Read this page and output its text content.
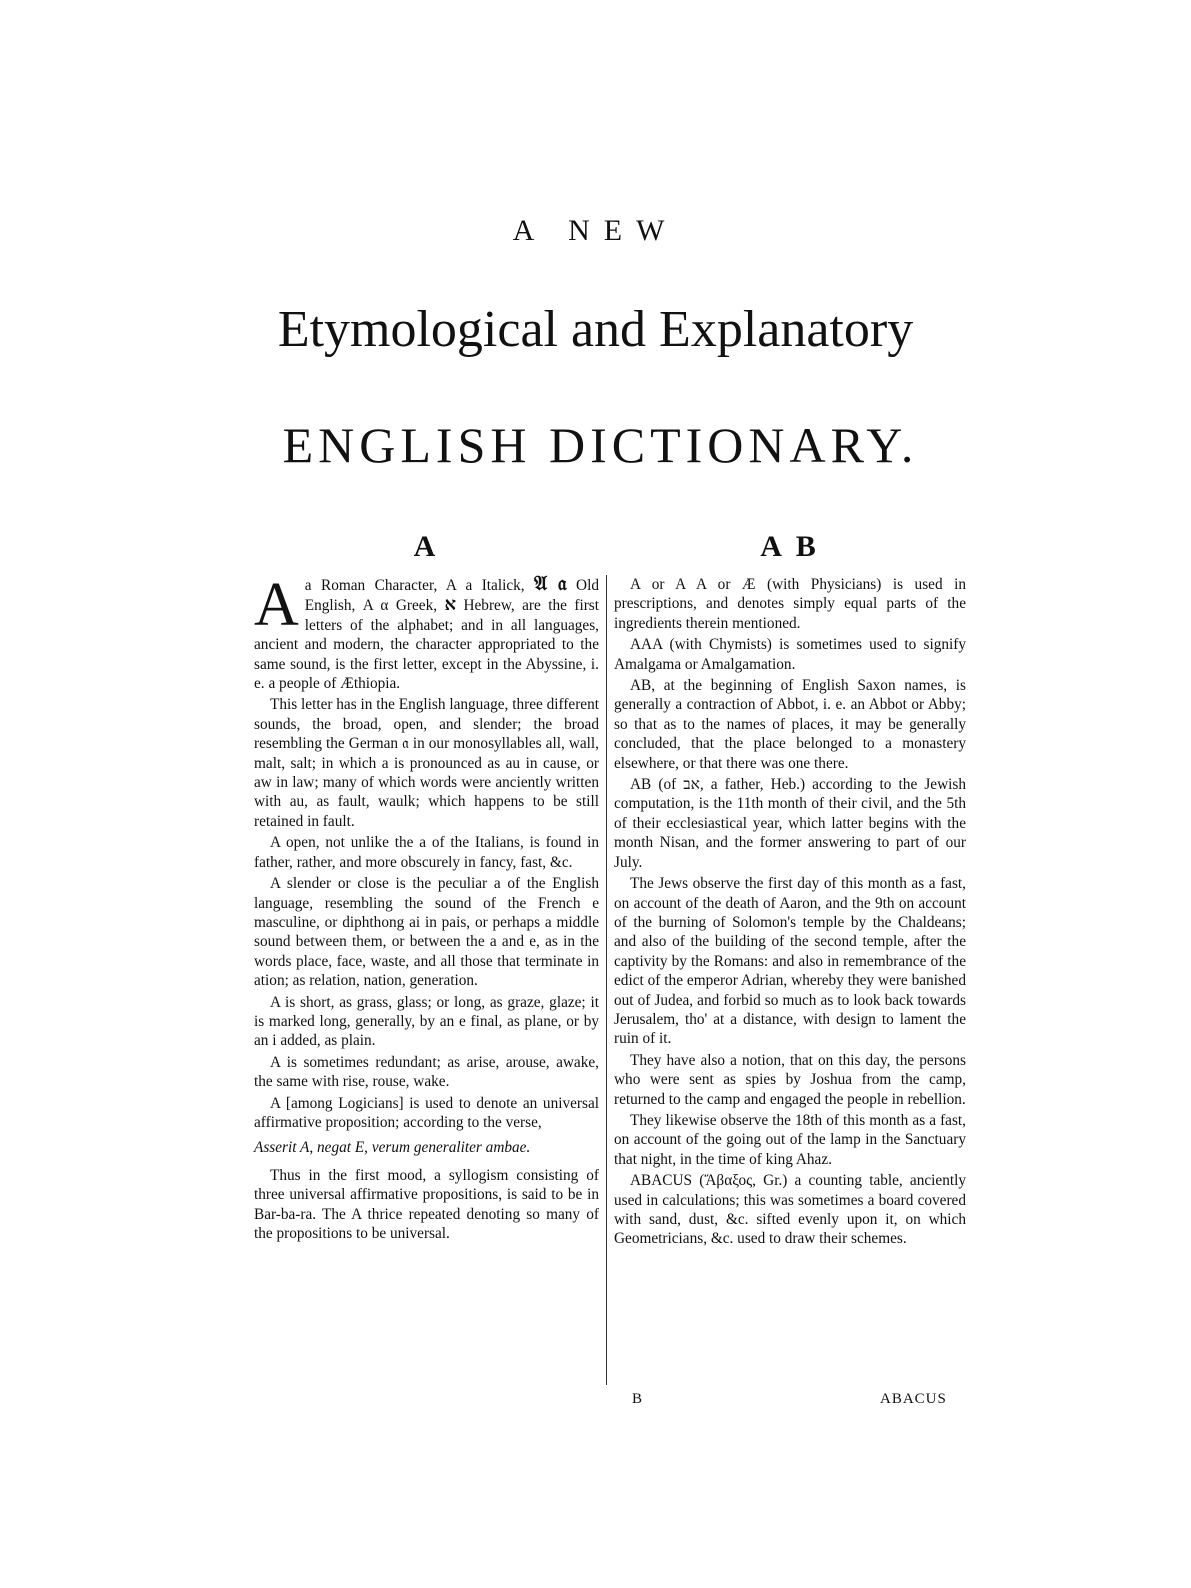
A NEW
Etymological and Explanatory
ENGLISH DICTIONARY.
A	A B
A a Roman Character, A a Italick, 𝔄 𝔞 Old English, Α α Greek, א Hebrew, are the first letters of the alphabet; and in all languages, ancient and modern, the character appropriated to the same sound, is the first letter, except in the Abyssine, i. e. a people of Æthiopia.

This letter has in the English language, three different sounds, the broad, open, and slender; the broad resembling the German 𝔞 in our monosyllables all, wall, malt, salt; in which a is pronounced as au in cause, or aw in law; many of which words were anciently written with au, as fault, waulk; which happens to be still retained in fault.

A open, not unlike the a of the Italians, is found in father, rather, and more obscurely in fancy, fast, &c.

A slender or close is the peculiar a of the English language, resembling the sound of the French e masculine, or diphthong ai in pais, or perhaps a middle sound between them, or between the a and e, as in the words place, face, waste, and all those that terminate in ation; as relation, nation, generation.

A is short, as grass, glass; or long, as graze, glaze; it is marked long, generally, by an e final, as plane, or by an i added, as plain.

A is sometimes redundant; as arise, arouse, awake, the same with rise, rouse, wake.

A [among Logicians] is used to denote an universal affirmative proposition; according to the verse,

Asserit A, negat E, verum generaliter ambae.

Thus in the first mood, a syllogism consisting of three universal affirmative propositions, is said to be in Bar-ba-ra. The A thrice repeated denoting so many of the propositions to be universal.

A or A A or Æ (with Physicians) is used in prescriptions, and denotes simply equal parts of the ingredients therein mentioned.

AAA (with Chymists) is sometimes used to signify Amalgama or Amalgamation.

AB, at the beginning of English Saxon names, is generally a contraction of Abbot, i. e. an Abbot or Abby; so that as to the names of places, it may be generally concluded, that the place belonged to a monastery elsewhere, or that there was one there.

AB (of אב, a father, Heb.) according to the Jewish computation, is the 11th month of their civil, and the 5th of their ecclesiastical year, which latter begins with the month Nisan, and the former answering to part of our July.

The Jews observe the first day of this month as a fast, on account of the death of Aaron, and the 9th on account of the burning of Solomon's temple by the Chaldeans; and also of the building of the second temple, after the captivity by the Romans: and also in remembrance of the edict of the emperor Adrian, whereby they were banished out of Judea, and forbid so much as to look back towards Jerusalem, tho' at a distance, with design to lament the ruin of it.

They have also a notion, that on this day, the persons who were sent as spies by Joshua from the camp, returned to the camp and engaged the people in rebellion.

They likewise observe the 18th of this month as a fast, on account of the going out of the lamp in the Sanctuary that night, in the time of king Ahaz.

ABACUS (Ἄβαξος, Gr.) a counting table, anciently used in calculations; this was sometimes a board covered with sand, dust, &c. sifted evenly upon it, on which Geometricians, &c. used to draw their schemes.

B	ABACUS
